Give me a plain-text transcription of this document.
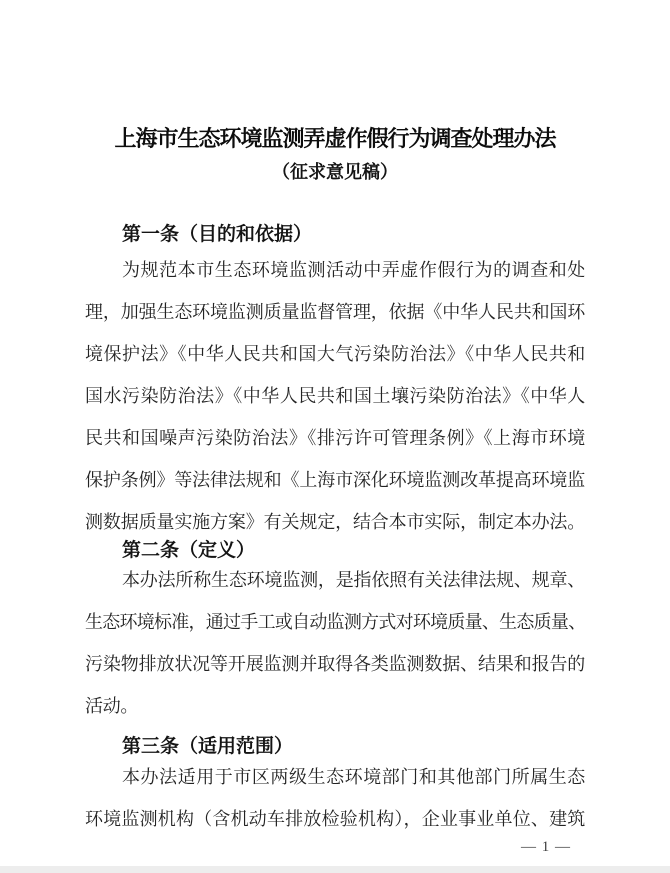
上海市生态环境监测弄虚作假行为调查处理办法
（征求意见稿）
第一条（目的和依据）
为规范本市生态环境监测活动中弄虚作假行为的调查和处
理，加强生态环境监测质量监督管理，依据《中华人民共和国环
境保护法》《中华人民共和国大气污染防治法》《中华人民共和
国水污染防治法》《中华人民共和国土壤污染防治法》《中华人
民共和国噪声污染防治法》《排污许可管理条例》《上海市环境
保护条例》等法律法规和《上海市深化环境监测改革提高环境监
测数据质量实施方案》有关规定，结合本市实际，制定本办法。
第二条（定义）
本办法所称生态环境监测，是指依照有关法律法规、规章、
生态环境标准，通过手工或自动监测方式对环境质量、生态质量、
污染物排放状况等开展监测并取得各类监测数据、结果和报告的
活动。
第三条（适用范围）
本办法适用于市区两级生态环境部门和其他部门所属生态
环境监测机构（含机动车排放检验机构），企业事业单位、建筑
— 1 —
